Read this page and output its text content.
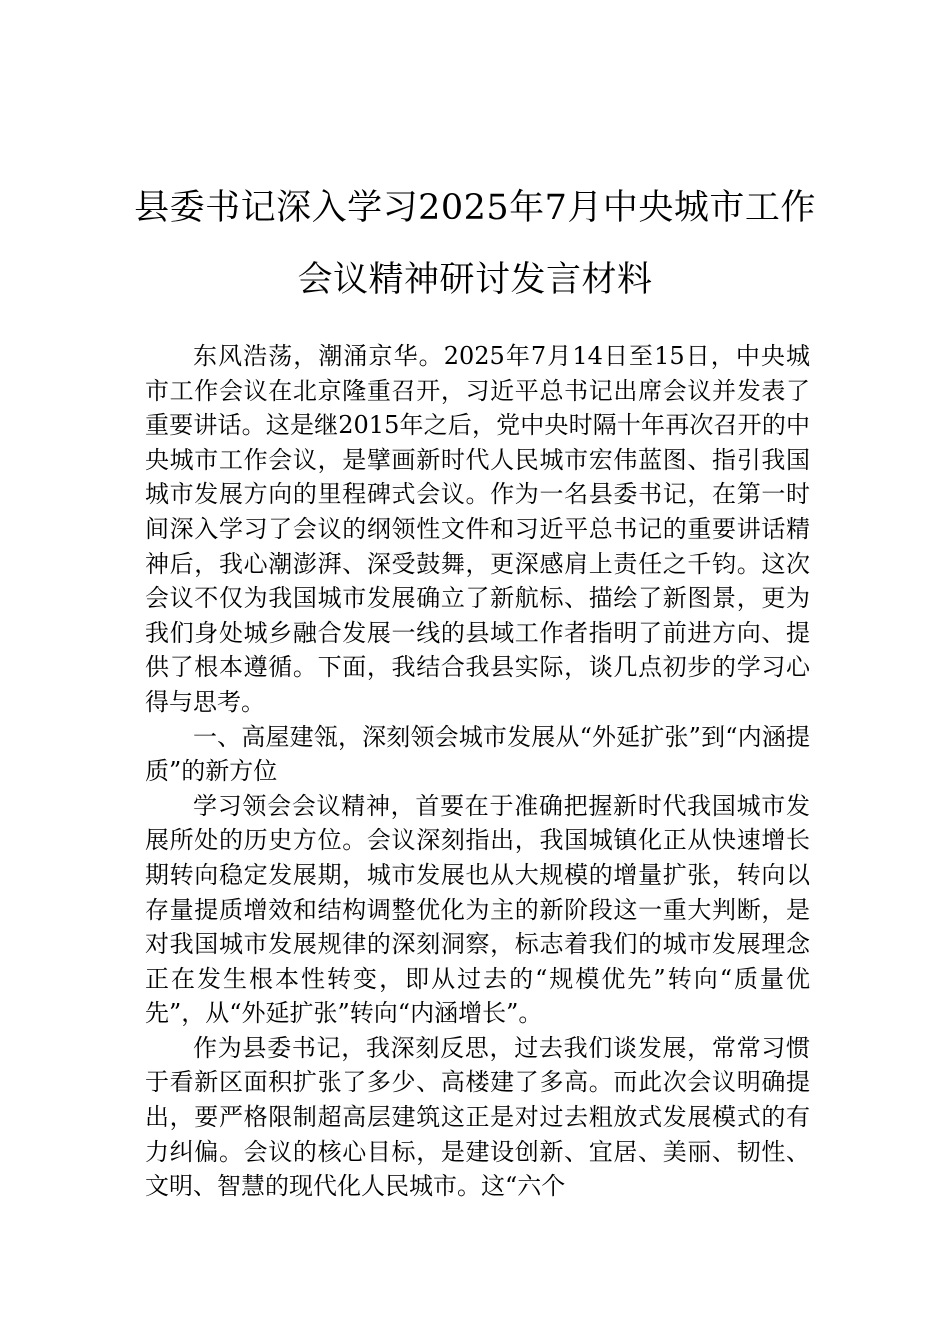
县委书记深入学习2025年7月中央城市工作会议精神研讨发言材料

东风浩荡，潮涌京华。2025年7月14日至15日，中央城市工作会议在北京隆重召开，习近平总书记出席会议并发表了重要讲话。这是继2015年之后，党中央时隔十年再次召开的中央城市工作会议，是擘画新时代人民城市宏伟蓝图、指引我国城市发展方向的里程碑式会议。作为一名县委书记，在第一时间深入学习了会议的纲领性文件和习近平总书记的重要讲话精神后，我心潮澎湃、深受鼓舞，更深感肩上责任之千钧。这次会议不仅为我国城市发展确立了新航标、描绘了新图景，更为我们身处城乡融合发展一线的县域工作者指明了前进方向、提供了根本遵循。下面，我结合我县实际，谈几点初步的学习心得与思考。

一、高屋建瓴，深刻领会城市发展从“外延扩张”到“内涵提质”的新方位

学习领会会议精神，首要在于准确把握新时代我国城市发展所处的历史方位。会议深刻指出，我国城镇化正从快速增长期转向稳定发展期，城市发展也从大规模的增量扩张，转向以存量提质增效和结构调整优化为主的新阶段这一重大判断，是对我国城市发展规律的深刻洞察，标志着我们的城市发展理念正在发生根本性转变，即从过去的“规模优先”转向“质量优先”，从“外延扩张”转向“内涵增长”。

作为县委书记，我深刻反思，过去我们谈发展，常常习惯于看新区面积扩张了多少、高楼建了多高。而此次会议明确提出，要严格限制超高层建筑这正是对过去粗放式发展模式的有力纠偏。会议的核心目标，是建设创新、宜居、美丽、韧性、文明、智慧的现代化人民城市。这“六个
